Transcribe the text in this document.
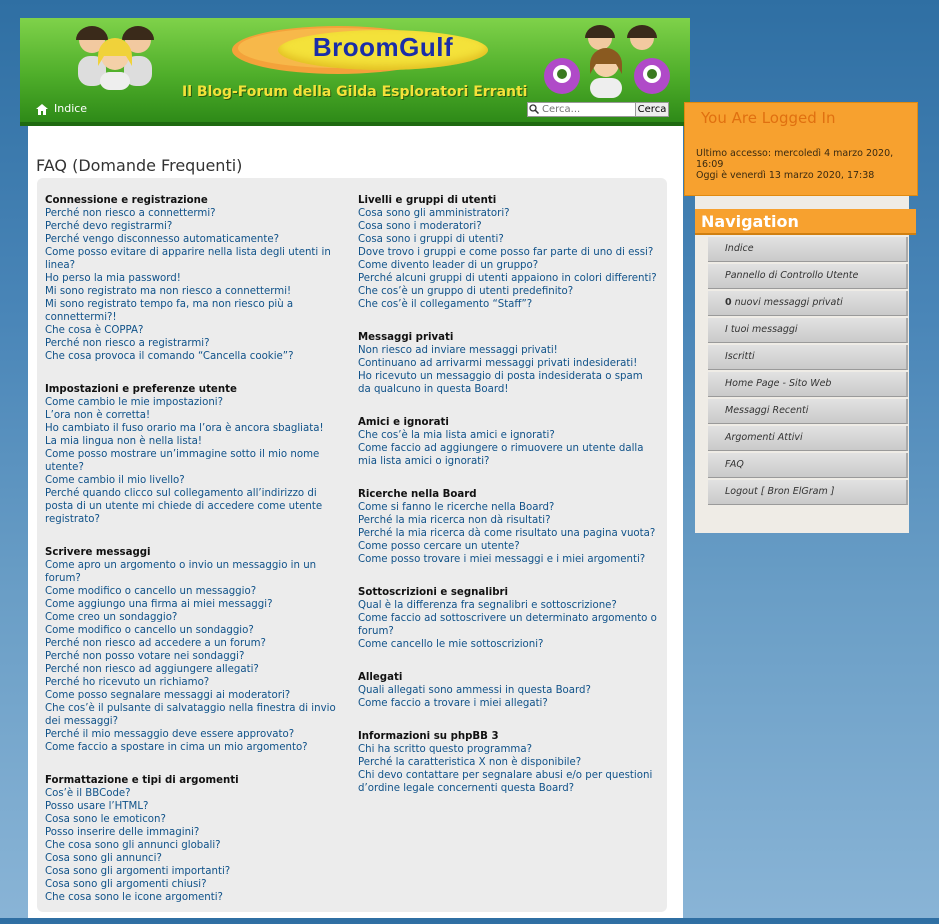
BroomGulf
Il Blog-Forum della Gilda Esploratori Erranti
Indice
Cerca...	Cerca
FAQ (Domande Frequenti)
Connessione e registrazione
Perché non riesco a connettermi?
Perché devo registrarmi?
Perché vengo disconnesso automaticamente?
Come posso evitare di apparire nella lista degli utenti in linea?
Ho perso la mia password!
Mi sono registrato ma non riesco a connettermi!
Mi sono registrato tempo fa, ma non riesco più a connettermi?!
Che cosa è COPPA?
Perché non riesco a registrarmi?
Che cosa provoca il comando “Cancella cookie”?
Impostazioni e preferenze utente
Come cambio le mie impostazioni?
L’ora non è corretta!
Ho cambiato il fuso orario ma l’ora è ancora sbagliata!
La mia lingua non è nella lista!
Come posso mostrare un’immagine sotto il mio nome utente?
Come cambio il mio livello?
Perché quando clicco sul collegamento all’indirizzo di posta di un utente mi chiede di accedere come utente registrato?
Scrivere messaggi
Come apro un argomento o invio un messaggio in un forum?
Come modifico o cancello un messaggio?
Come aggiungo una firma ai miei messaggi?
Come creo un sondaggio?
Come modifico o cancello un sondaggio?
Perché non riesco ad accedere a un forum?
Perché non posso votare nei sondaggi?
Perché non riesco ad aggiungere allegati?
Perché ho ricevuto un richiamo?
Come posso segnalare messaggi ai moderatori?
Che cos’è il pulsante di salvataggio nella finestra di invio dei messaggi?
Perché il mio messaggio deve essere approvato?
Come faccio a spostare in cima un mio argomento?
Formattazione e tipi di argomenti
Cos’è il BBCode?
Posso usare l’HTML?
Cosa sono le emoticon?
Posso inserire delle immagini?
Che cosa sono gli annunci globali?
Cosa sono gli annunci?
Cosa sono gli argomenti importanti?
Cosa sono gli argomenti chiusi?
Che cosa sono le icone argomenti?
Livelli e gruppi di utenti
Cosa sono gli amministratori?
Cosa sono i moderatori?
Cosa sono i gruppi di utenti?
Dove trovo i gruppi e come posso far parte di uno di essi?
Come divento leader di un gruppo?
Perché alcuni gruppi di utenti appaiono in colori differenti?
Che cos’è un gruppo di utenti predefinito?
Che cos’è il collegamento “Staff”?
Messaggi privati
Non riesco ad inviare messaggi privati!
Continuano ad arrivarmi messaggi privati indesiderati!
Ho ricevuto un messaggio di posta indesiderata o spam da qualcuno in questa Board!
Amici e ignorati
Che cos’è la mia lista amici e ignorati?
Come faccio ad aggiungere o rimuovere un utente dalla mia lista amici o ignorati?
Ricerche nella Board
Come si fanno le ricerche nella Board?
Perché la mia ricerca non dà risultati?
Perché la mia ricerca dà come risultato una pagina vuota?
Come posso cercare un utente?
Come posso trovare i miei messaggi e i miei argomenti?
Sottoscrizioni e segnalibri
Qual è la differenza fra segnalibri e sottoscrizione?
Come faccio ad sottoscrivere un determinato argomento o forum?
Come cancello le mie sottoscrizioni?
Allegati
Quali allegati sono ammessi in questa Board?
Come faccio a trovare i miei allegati?
Informazioni su phpBB 3
Chi ha scritto questo programma?
Perché la caratteristica X non è disponibile?
Chi devo contattare per segnalare abusi e/o per questioni d’ordine legale concernenti questa Board?
You Are Logged In
Ultimo accesso: mercoledì 4 marzo 2020, 16:09
Oggi è venerdì 13 marzo 2020, 17:38
Navigation
Indice
Pannello di Controllo Utente
0 nuovi messaggi privati
I tuoi messaggi
Iscritti
Home Page - Sito Web
Messaggi Recenti
Argomenti Attivi
FAQ
Logout [ Bron ElGram ]
